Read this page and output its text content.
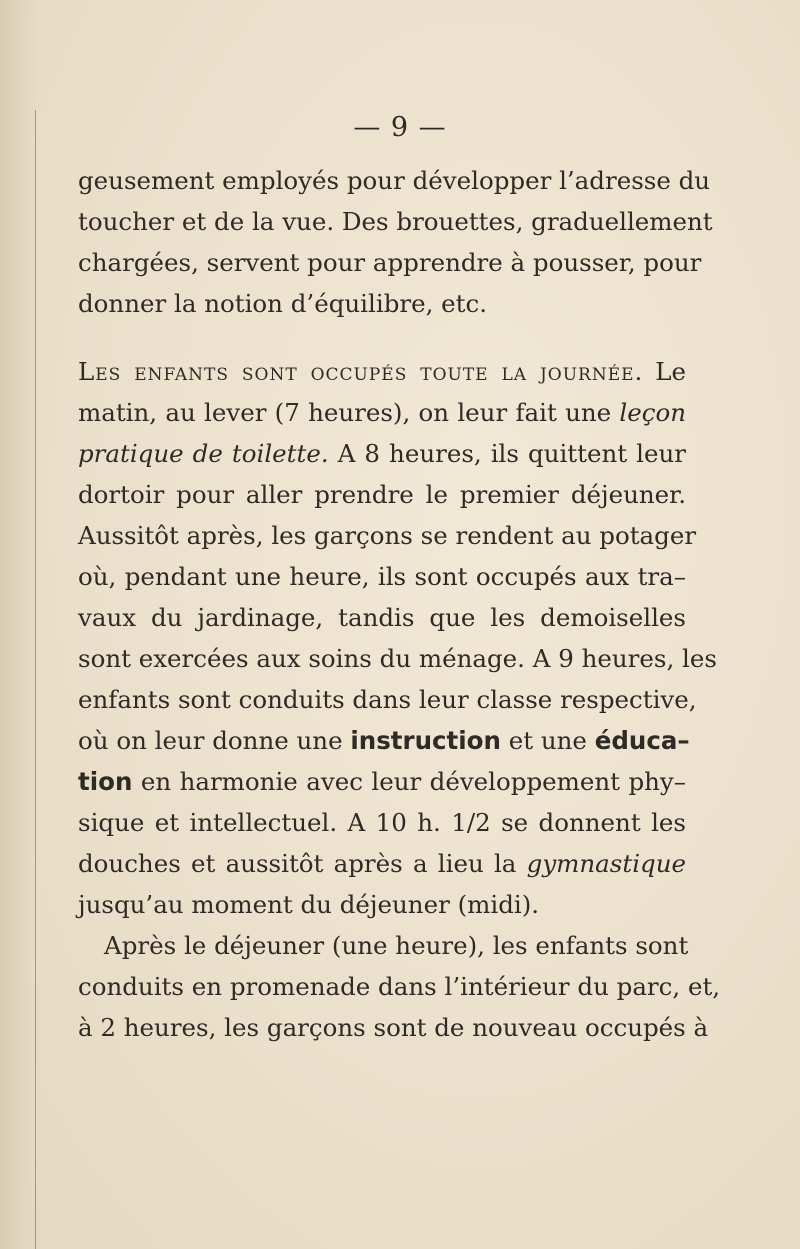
— 9 —
geusement employés pour développer l’adresse du
toucher et de la vue. Des brouettes, graduellement
chargées, servent pour apprendre à pousser, pour
donner la notion d’équilibre, etc.
Les enfants sont occupés toute la journée. Le
matin, au lever (7 heures), on leur fait une leçon
pratique de toilette. A 8 heures, ils quittent leur
dortoir pour aller prendre le premier déjeuner.
Aussitôt après, les garçons se rendent au potager
où, pendant une heure, ils sont occupés aux tra–
vaux du jardinage, tandis que les demoiselles
sont exercées aux soins du ménage. A 9 heures, les
enfants sont conduits dans leur classe respective,
où on leur donne une instruction et une éduca–
tion en harmonie avec leur développement phy–
sique et intellectuel. A 10 h. 1/2 se donnent les
douches et aussitôt après a lieu la gymnastique
jusqu’au moment du déjeuner (midi).
Après le déjeuner (une heure), les enfants sont
conduits en promenade dans l’intérieur du parc, et,
à 2 heures, les garçons sont de nouveau occupés à
